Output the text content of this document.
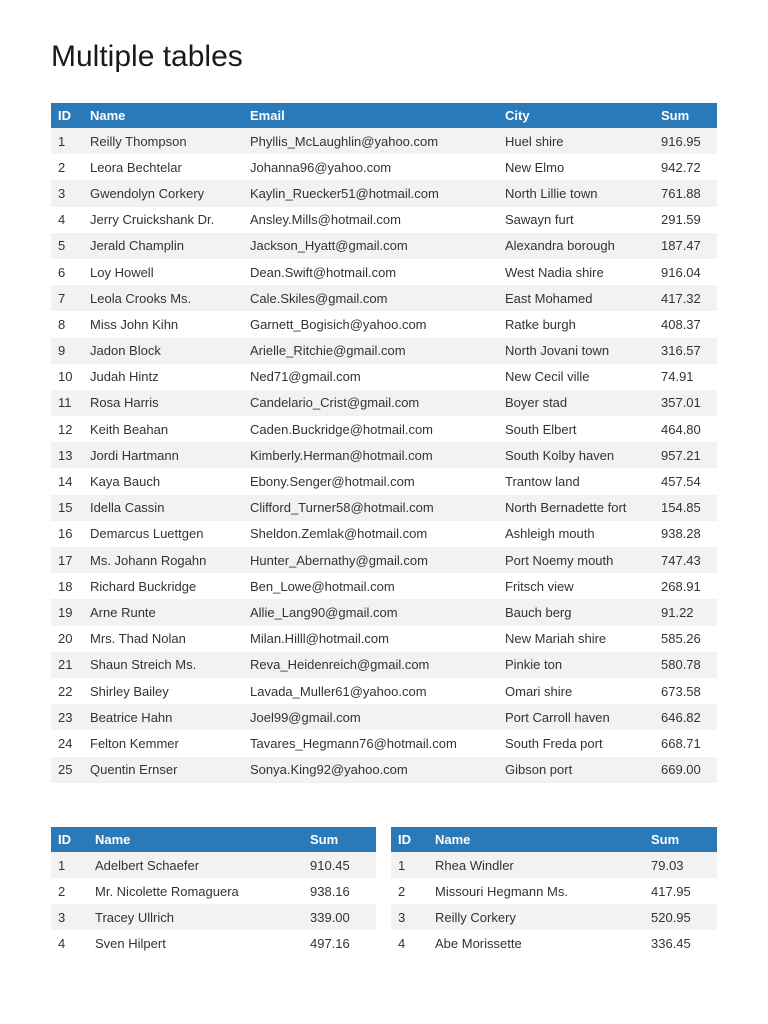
Multiple tables
ID	Name	Email	City	Sum
1	Reilly Thompson	Phyllis_McLaughlin@yahoo.com	Huel shire	916.95
2	Leora Bechtelar	Johanna96@yahoo.com	New Elmo	942.72
3	Gwendolyn Corkery	Kaylin_Ruecker51@hotmail.com	North Lillie town	761.88
4	Jerry Cruickshank Dr.	Ansley.Mills@hotmail.com	Sawayn furt	291.59
5	Jerald Champlin	Jackson_Hyatt@gmail.com	Alexandra borough	187.47
6	Loy Howell	Dean.Swift@hotmail.com	West Nadia shire	916.04
7	Leola Crooks Ms.	Cale.Skiles@gmail.com	East Mohamed	417.32
8	Miss John Kihn	Garnett_Bogisich@yahoo.com	Ratke burgh	408.37
9	Jadon Block	Arielle_Ritchie@gmail.com	North Jovani town	316.57
10	Judah Hintz	Ned71@gmail.com	New Cecil ville	74.91
11	Rosa Harris	Candelario_Crist@gmail.com	Boyer stad	357.01
12	Keith Beahan	Caden.Buckridge@hotmail.com	South Elbert	464.80
13	Jordi Hartmann	Kimberly.Herman@hotmail.com	South Kolby haven	957.21
14	Kaya Bauch	Ebony.Senger@hotmail.com	Trantow land	457.54
15	Idella Cassin	Clifford_Turner58@hotmail.com	North Bernadette fort	154.85
16	Demarcus Luettgen	Sheldon.Zemlak@hotmail.com	Ashleigh mouth	938.28
17	Ms. Johann Rogahn	Hunter_Abernathy@gmail.com	Port Noemy mouth	747.43
18	Richard Buckridge	Ben_Lowe@hotmail.com	Fritsch view	268.91
19	Arne Runte	Allie_Lang90@gmail.com	Bauch berg	91.22
20	Mrs. Thad Nolan	Milan.Hilll@hotmail.com	New Mariah shire	585.26
21	Shaun Streich Ms.	Reva_Heidenreich@gmail.com	Pinkie ton	580.78
22	Shirley Bailey	Lavada_Muller61@yahoo.com	Omari shire	673.58
23	Beatrice Hahn	Joel99@gmail.com	Port Carroll haven	646.82
24	Felton Kemmer	Tavares_Hegmann76@hotmail.com	South Freda port	668.71
25	Quentin Ernser	Sonya.King92@yahoo.com	Gibson port	669.00
ID	Name	Sum
1	Adelbert Schaefer	910.45
2	Mr. Nicolette Romaguera	938.16
3	Tracey Ullrich	339.00
4	Sven Hilpert	497.16
ID	Name	Sum
1	Rhea Windler	79.03
2	Missouri Hegmann Ms.	417.95
3	Reilly Corkery	520.95
4	Abe Morissette	336.45
